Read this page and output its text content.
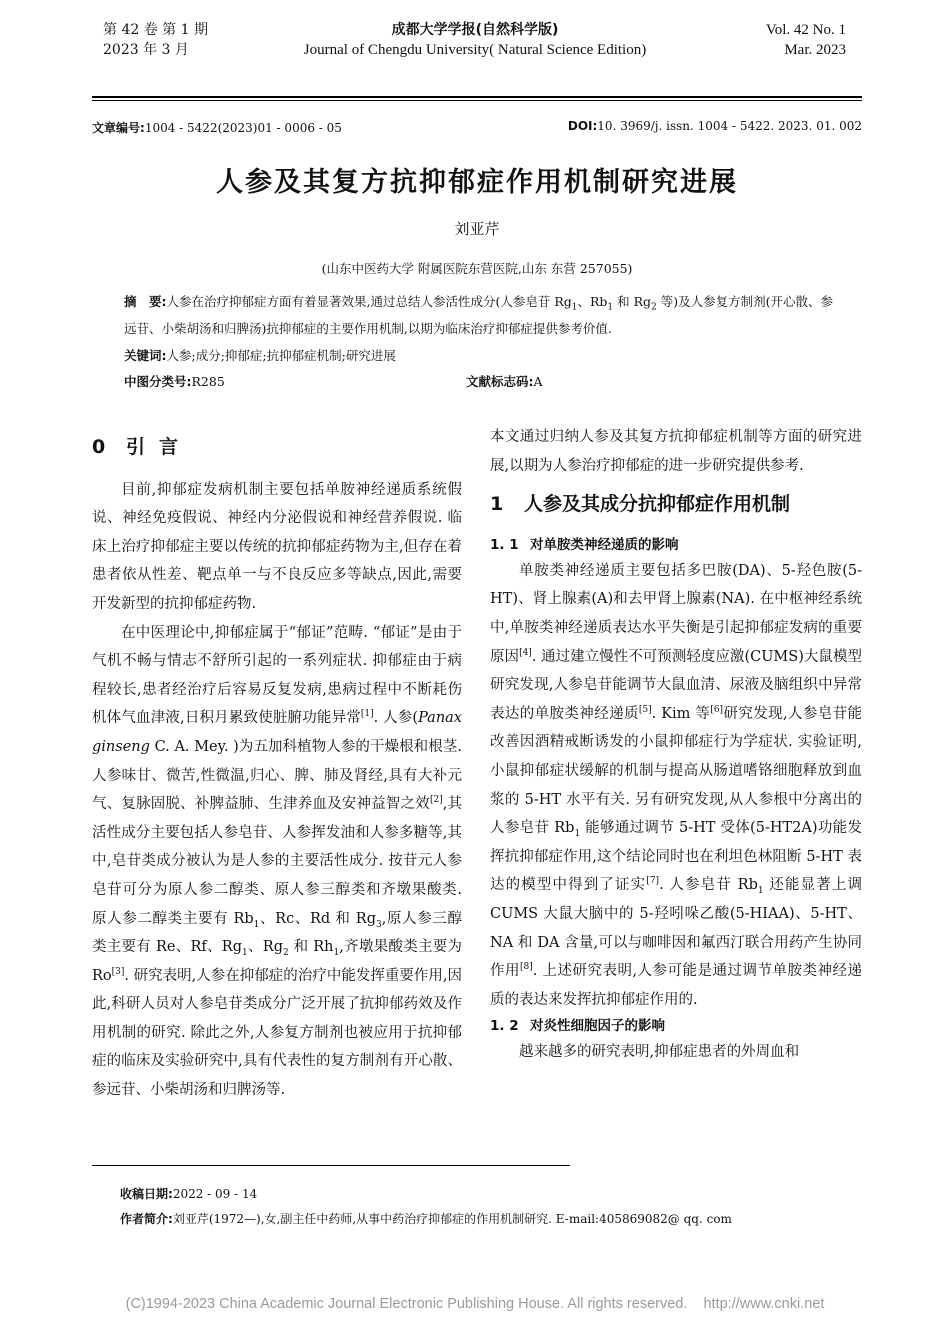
第 42 卷 第 1 期
2023 年 3 月
成都大学学报(自然科学版)
Journal of Chengdu University( Natural Science Edition)
Vol. 42 No. 1
Mar. 2023
文章编号:1004 - 5422(2023)01 - 0006 - 05	DOI:10. 3969/j. issn. 1004 - 5422. 2023. 01. 002
人参及其复方抗抑郁症作用机制研究进展
刘亚芹
(山东中医药大学 附属医院东营医院,山东 东营 257055)
摘　要:人参在治疗抑郁症方面有着显著效果,通过总结人参活性成分(人参皂苷 $Rg_1$、$Rb_1$ 和 $Rg_2$ 等)及人参复方制剂(开心散、参远苷、小柴胡汤和归脾汤)抗抑郁症的主要作用机制,以期为临床治疗抑郁症提供参考价值.
关键词:人参;成分;抑郁症;抗抑郁症机制;研究进展
中图分类号:R285	文献标志码:A
0 引言

目前,抑郁症发病机制主要包括单胺神经递质系统假说、神经免疫假说、神经内分泌假说和神经营养假说. 临床上治疗抑郁症主要以传统的抗抑郁症药物为主,但存在着患者依从性差、靶点单一与不良反应多等缺点,因此,需要开发新型的抗抑郁症药物.

在中医理论中,抑郁症属于“郁证”范畴. “郁证”是由于气机不畅与情志不舒所引起的一系列症状. 抑郁症由于病程较长,患者经治疗后容易反复发病,患病过程中不断耗伤机体气血津液,日积月累致使脏腑功能异常[1]. 人参(Panax ginseng C. A. Mey. )为五加科植物人参的干燥根和根茎. 人参味甘、微苦,性微温,归心、脾、肺及肾经,具有大补元气、复脉固脱、补脾益肺、生津养血及安神益智之效[2],其活性成分主要包括人参皂苷、人参挥发油和人参多糖等,其中,皂苷类成分被认为是人参的主要活性成分. 按苷元人参皂苷可分为原人参二醇类、原人参三醇类和齐墩果酸类. 原人参二醇类主要有 $Rb_1$、Rc、Rd 和 $Rg_3$,原人参三醇类主要有 Re、Rf、$Rg_1$、$Rg_2$ 和 $Rh_1$,齐墩果酸类主要为 Ro[3]. 研究表明,人参在抑郁症的治疗中能发挥重要作用,因此,科研人员对人参皂苷类成分广泛开展了抗抑郁药效及作用机制的研究. 除此之外,人参复方制剂也被应用于抗抑郁症的临床及实验研究中,具有代表性的复方制剂有开心散、参远苷、小柴胡汤和归脾汤等.

本文通过归纳人参及其复方抗抑郁症机制等方面的研究进展,以期为人参治疗抑郁症的进一步研究提供参考.

1 人参及其成分抗抑郁症作用机制
1. 1 对单胺类神经递质的影响

单胺类神经递质主要包括多巴胺(DA)、5-羟色胺(5-HT)、肾上腺素(A)和去甲肾上腺素(NA). 在中枢神经系统中,单胺类神经递质表达水平失衡是引起抑郁症发病的重要原因[4]. 通过建立慢性不可预测轻度应激(CUMS)大鼠模型研究发现,人参皂苷能调节大鼠血清、尿液及脑组织中异常表达的单胺类神经递质[5]. Kim 等[6]研究发现,人参皂苷能改善因酒精戒断诱发的小鼠抑郁症行为学症状. 实验证明,小鼠抑郁症状缓解的机制与提高从肠道嗜铬细胞释放到血浆的 5-HT 水平有关. 另有研究发现,从人参根中分离出的人参皂苷 $Rb_1$ 能够通过调节 5-HT 受体(5-HT2A)功能发挥抗抑郁症作用,这个结论同时也在利坦色林阻断 5-HT 表达的模型中得到了证实[7]. 人参皂苷 $Rb_1$ 还能显著上调 CUMS 大鼠大脑中的 5-羟吲哚乙酸(5-HIAA)、5-HT、NA 和 DA 含量,可以与咖啡因和氟西汀联合用药产生协同作用[8]. 上述研究表明,人参可能是通过调节单胺类神经递质的表达来发挥抗抑郁症作用的.

1. 2 对炎性细胞因子的影响

越来越多的研究表明,抑郁症患者的外周血和

收稿日期:2022 - 09 - 14
作者简介:刘亚芹(1972—),女,副主任中药师,从事中药治疗抑郁症的作用机制研究. E-mail:405869082@ qq. com
(C)1994-2023 China Academic Journal Electronic Publishing House. All rights reserved.    http://www.cnki.net
